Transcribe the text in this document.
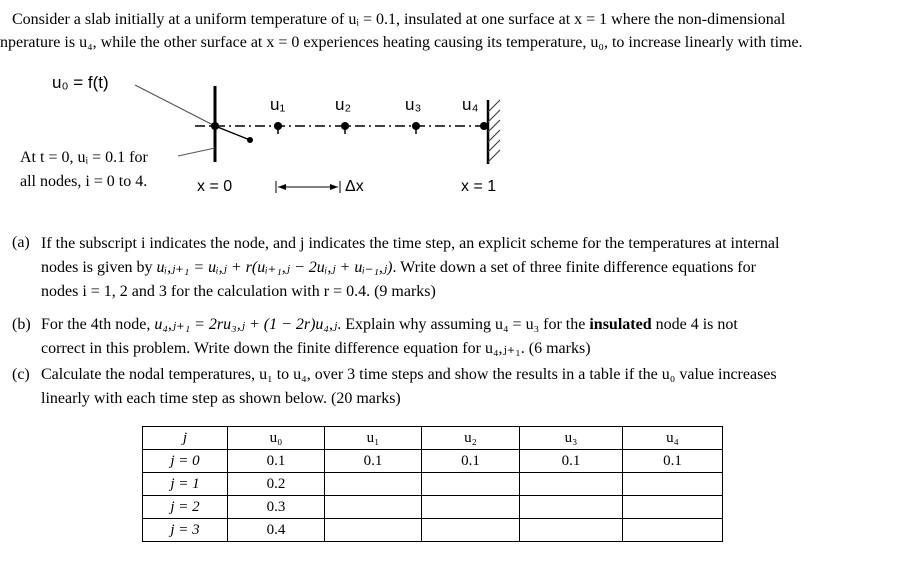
Consider a slab initially at a uniform temperature of uᵢ = 0.1, insulated at one surface at x = 1 where the non-dimensional
nperature is u₄, while the other surface at x = 0 experiences heating causing its temperature, u₀, to increase linearly with time.
u₀ = f(t)
u₁	u₂	u₃ u₄
At t = 0, uᵢ = 0.1 for
all nodes, i = 0 to 4.	x = 0	Δx	x = 1
(a) If the subscript i indicates the node, and j indicates the time step, an explicit scheme for the temperatures at internal
nodes is given by uᵢ,ⱼ₊₁ = uᵢ,ⱼ + r(uᵢ₊₁,ⱼ − 2uᵢ,ⱼ + uᵢ₋₁,ⱼ). Write down a set of three finite difference equations for
nodes i = 1, 2 and 3 for the calculation with r = 0.4. (9 marks)
(b) For the 4th node, u₄,ⱼ₊₁ = 2ru₃,ⱼ + (1 − 2r)u₄,ⱼ. Explain why assuming u₄ = u₃ for the insulated node 4 is not
correct in this problem. Write down the finite difference equation for u₄,ⱼ₊₁. (6 marks)
(c) Calculate the nodal temperatures, u₁ to u₄, over 3 time steps and show the results in a table if the u₀ value increases
linearly with each time step as shown below. (20 marks)
j	u₀	u₁	u₂	u₃	u₄
j = 0	0.1	0.1	0.1	0.1	0.1
j = 1	0.2				
j = 2	0.3				
j = 3	0.4				
